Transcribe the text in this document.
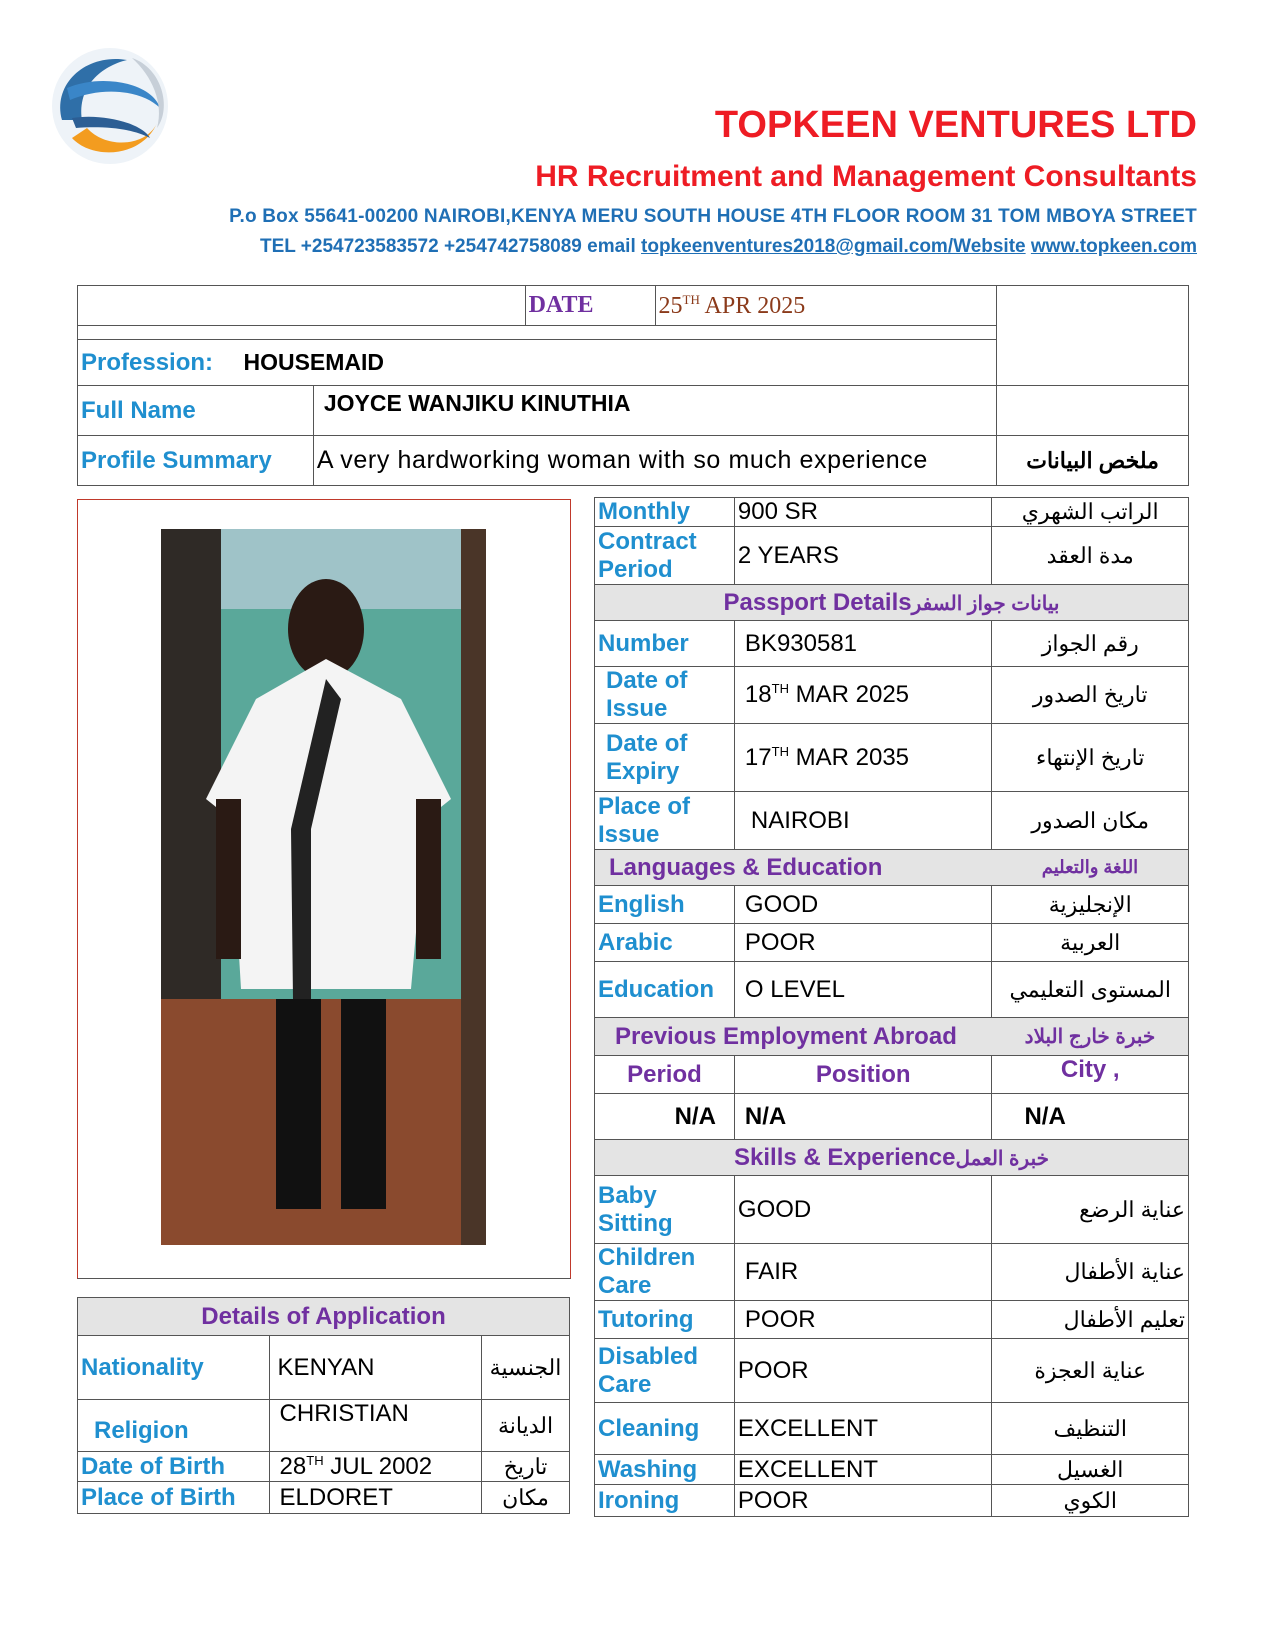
TOPKEEN VENTURES LTD
HR Recruitment and Management Consultants
P.o Box 55641-00200 NAIROBI,KENYA MERU SOUTH HOUSE 4TH FLOOR ROOM 31 TOM MBOYA STREET
TEL +254723583572 +254742758089 email topkeenventures2018@gmail.com/Website www.topkeen.com
		DATE	25TH APR 2025	

Profession: HOUSEMAID				
Full Name	JOYCE WANJIKU KINUTHIA			
Profile Summary	A very hardworking woman with so much experience			ملخص البيانات
Details of Application		
Nationality	KENYAN	الجنسية
Religion	CHRISTIAN	الديانة
Date of Birth	28TH JUL 2002	تاريخ
Place of Birth	ELDORET	مكان
Monthly	900 SR	الراتب الشهري
Contract Period	2 YEARS	مدة العقد
Passport Detailsبيانات جواز السفر		
Number	BK930581	رقم الجواز
Date of Issue	18TH MAR 2025	تاريخ الصدور
Date of Expiry	17TH MAR 2035	تاريخ الإنتهاء
Place of Issue	NAIROBI	مكان الصدور
Languages & Education		اللغة والتعليم
English	GOOD	الإنجليزية
Arabic	POOR	العربية
Education	O LEVEL	المستوى التعليمي
Previous Employment Abroad		خبرة خارج البلاد
Period	Position	City ,
N/A	N/A	N/A
Skills & Experienceخبرة العمل		
Baby Sitting	GOOD	عناية الرضع
Children Care	FAIR	عناية الأطفال
Tutoring	POOR	تعليم الأطفال
Disabled Care	POOR	عناية العجزة
Cleaning	EXCELLENT	التنظيف
Washing	EXCELLENT	الغسيل
Ironing	POOR	الكوي
